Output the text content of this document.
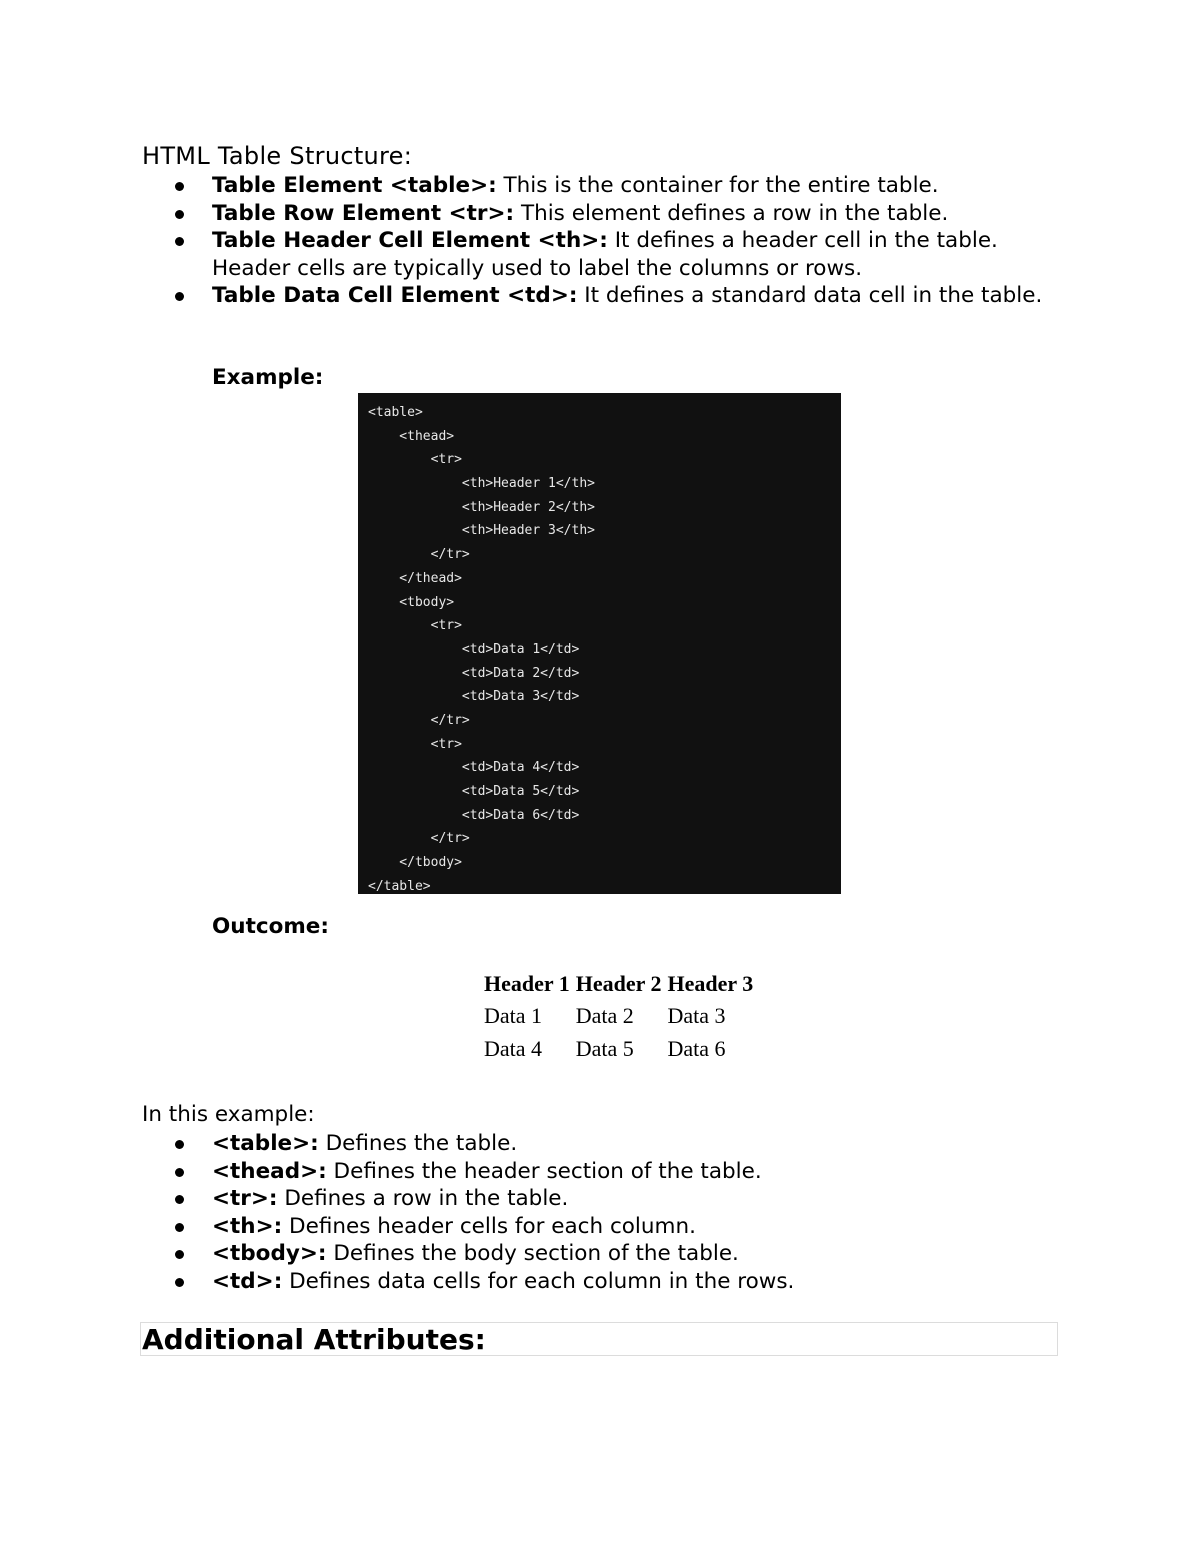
HTML Table Structure:
Table Element <table>: This is the container for the entire table.
Table Row Element <tr>: This element defines a row in the table.
Table Header Cell Element <th>: It defines a header cell in the table. Header cells are typically used to label the columns or rows.
Table Data Cell Element <td>: It defines a standard data cell in the table.

Example:

<table>
<thead>
<tr>
<th>Header 1</th>
<th>Header 2</th>
<th>Header 3</th>
</tr>
</thead>
<tbody>
<tr>
<td>Data 1</td>
<td>Data 2</td>
<td>Data 3</td>
</tr>
<tr>
<td>Data 4</td>
<td>Data 5</td>
<td>Data 6</td>
</tr>
</tbody>
</table>

Outcome:

Header 1	Header 2	Header 3
Data 1	Data 2	Data 3
Data 4	Data 5	Data 6

In this example:

<table>: Defines the table.
<thead>: Defines the header section of the table.
<tr>: Defines a row in the table.
<th>: Defines header cells for each column.
<tbody>: Defines the body section of the table.
<td>: Defines data cells for each column in the rows.
Additional Attributes:
